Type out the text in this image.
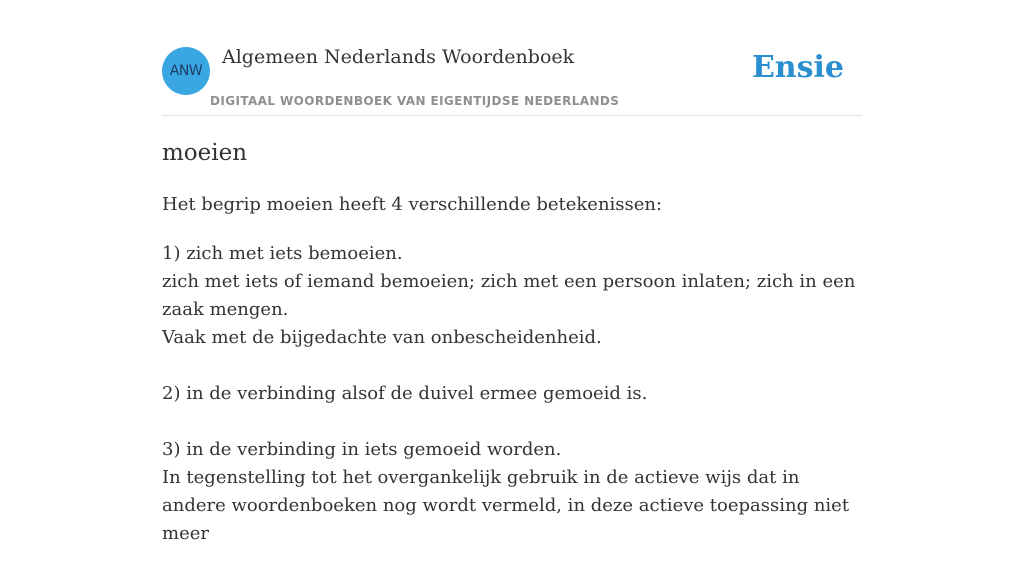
ANW
Algemeen Nederlands Woordenboek
DIGITAAL WOORDENBOEK VAN EIGENTIJDSE NEDERLANDS
Ensie
moeien

Het begrip moeien heeft 4 verschillende betekenissen:

1) zich met iets bemoeien.

zich met iets of iemand bemoeien; zich met een persoon inlaten; zich in een zaak mengen.

Vaak met de bijgedachte van onbescheidenheid.

2) in de verbinding alsof de duivel ermee gemoeid is.

3) in de verbinding in iets gemoeid worden.

In tegenstelling tot het overgankelijk gebruik in de actieve wijs dat in andere woordenboeken nog wordt vermeld, in deze actieve toepassing niet meer
